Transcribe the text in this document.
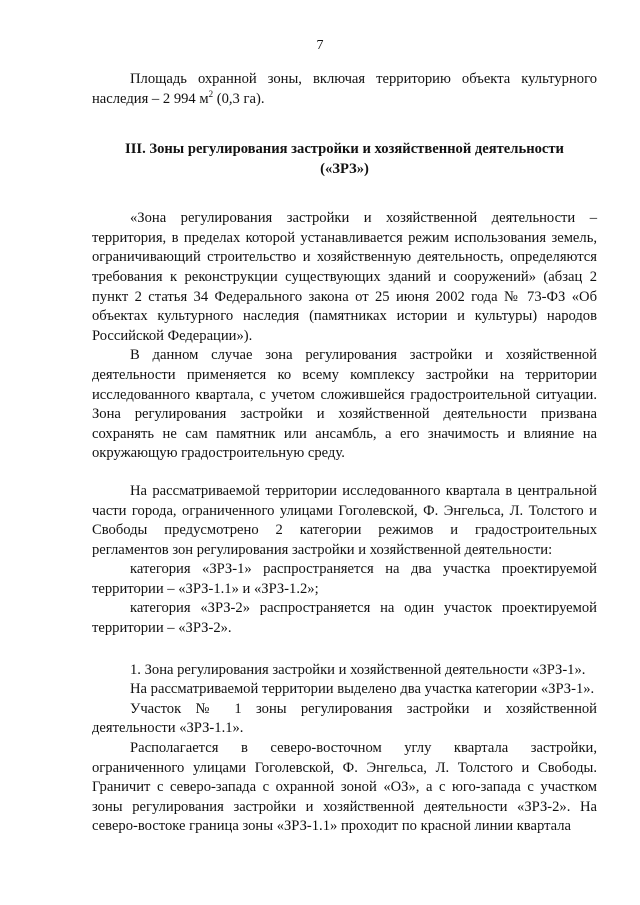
7

Площадь охранной зоны, включая территорию объекта культурного наследия – 2 994 $м^2$ (0,3 га).

III. Зоны регулирования застройки и хозяйственной деятельности
(«ЗРЗ»)

«Зона регулирования застройки и хозяйственной деятельности – территория, в пределах которой устанавливается режим использования земель, ограничивающий строительство и хозяйственную деятельность, определяются требования к реконструкции существующих зданий и сооружений» (абзац 2 пункт 2 статья 34 Федерального закона от 25 июня 2002 года № 73-ФЗ «Об объектах культурного наследия (памятниках истории и культуры) народов Российской Федерации»).

В данном случае зона регулирования застройки и хозяйственной деятельности применяется ко всему комплексу застройки на территории исследованного квартала, с учетом сложившейся градостроительной ситуации. Зона регулирования застройки и хозяйственной деятельности призвана сохранять не сам памятник или ансамбль, а его значимость и влияние на окружающую градостроительную среду.

На рассматриваемой территории исследованного квартала в центральной части города, ограниченного улицами Гоголевской, Ф. Энгельса, Л. Толстого и Свободы предусмотрено 2 категории режимов и градостроительных регламентов зон регулирования застройки и хозяйственной деятельности:

категория «ЗРЗ-1» распространяется на два участка проектируемой территории – «ЗРЗ-1.1» и «ЗРЗ-1.2»;

категория «ЗРЗ-2» распространяется на один участок проектируемой территории – «ЗРЗ-2».

1. Зона регулирования застройки и хозяйственной деятельности «ЗРЗ-1».

На рассматриваемой территории выделено два участка категории «ЗРЗ-1».

Участок № 1 зоны регулирования застройки и хозяйственной деятельности «ЗРЗ-1.1».

Располагается в северо-восточном углу квартала застройки, ограниченного улицами Гоголевской, Ф. Энгельса, Л. Толстого и Свободы. Граничит с северо-запада с охранной зоной «ОЗ», а с юго-запада с участком зоны регулирования застройки и хозяйственной деятельности «ЗРЗ-2». На северо-востоке граница зоны «ЗРЗ-1.1» проходит по красной линии квартала
